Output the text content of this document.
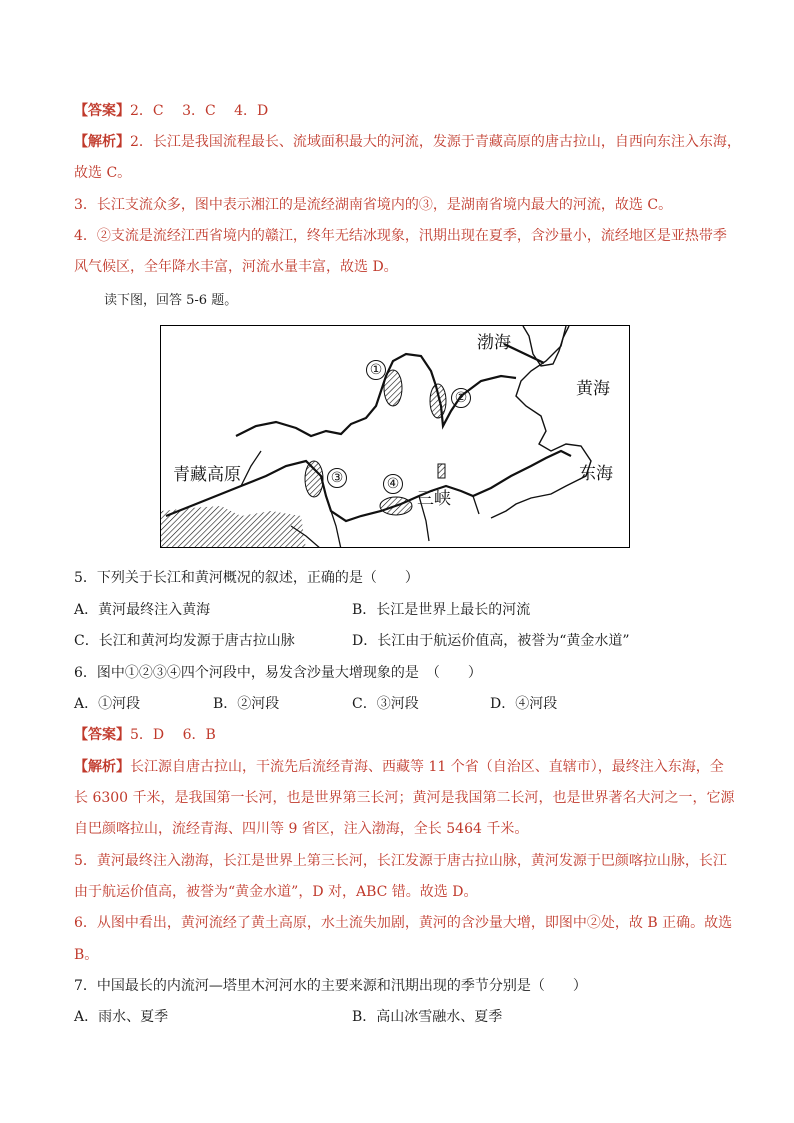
【答案】2．C　 3．C　 4．D
【解析】2．长江是我国流程最长、流域面积最大的河流，发源于青藏高原的唐古拉山，自西向东注入东海，
故选 C。
3．长江支流众多，图中表示湘江的是流经湖南省境内的③，是湖南省境内最大的河流，故选 C。
4．②支流是流经江西省境内的赣江，终年无结冰现象，汛期出现在夏季，含沙量小，流经地区是亚热带季
风气候区，全年降水丰富，河流水量丰富，故选 D。
读下图，回答 5-6 题。
渤海
黄海
东海
青藏高原
三峡
①
②
③	④
5．下列关于长江和黄河概况的叙述，正确的是（　　）
A．黄河最终注入黄海	B．长江是世界上最长的河流
C．长江和黄河均发源于唐古拉山脉	D．长江由于航运价值高，被誉为“黄金水道”
6．图中①②③④四个河段中，易发含沙量大增现象的是　（　　）
A．①河段	B．②河段	C．③河段	D．④河段
【答案】5．D　 6．B
【解析】长江源自唐古拉山，干流先后流经青海、西藏等 11 个省（自治区、直辖市），最终注入东海，全
长 6300 千米，是我国第一长河，也是世界第三长河；黄河是我国第二长河，也是世界著名大河之一，它源
自巴颜喀拉山，流经青海、四川等 9 省区，注入渤海，全长 5464 千米。
5．黄河最终注入渤海，长江是世界上第三长河，长江发源于唐古拉山脉，黄河发源于巴颜喀拉山脉，长江
由于航运价值高，被誉为“黄金水道”，D 对，ABC 错。故选 D。
6．从图中看出，黄河流经了黄土高原，水土流失加剧，黄河的含沙量大增，即图中②处，故 B 正确。故选
B。
7．中国最长的内流河—塔里木河河水的主要来源和汛期出现的季节分别是（　　）
A．雨水、夏季	B．高山冰雪融水、夏季
